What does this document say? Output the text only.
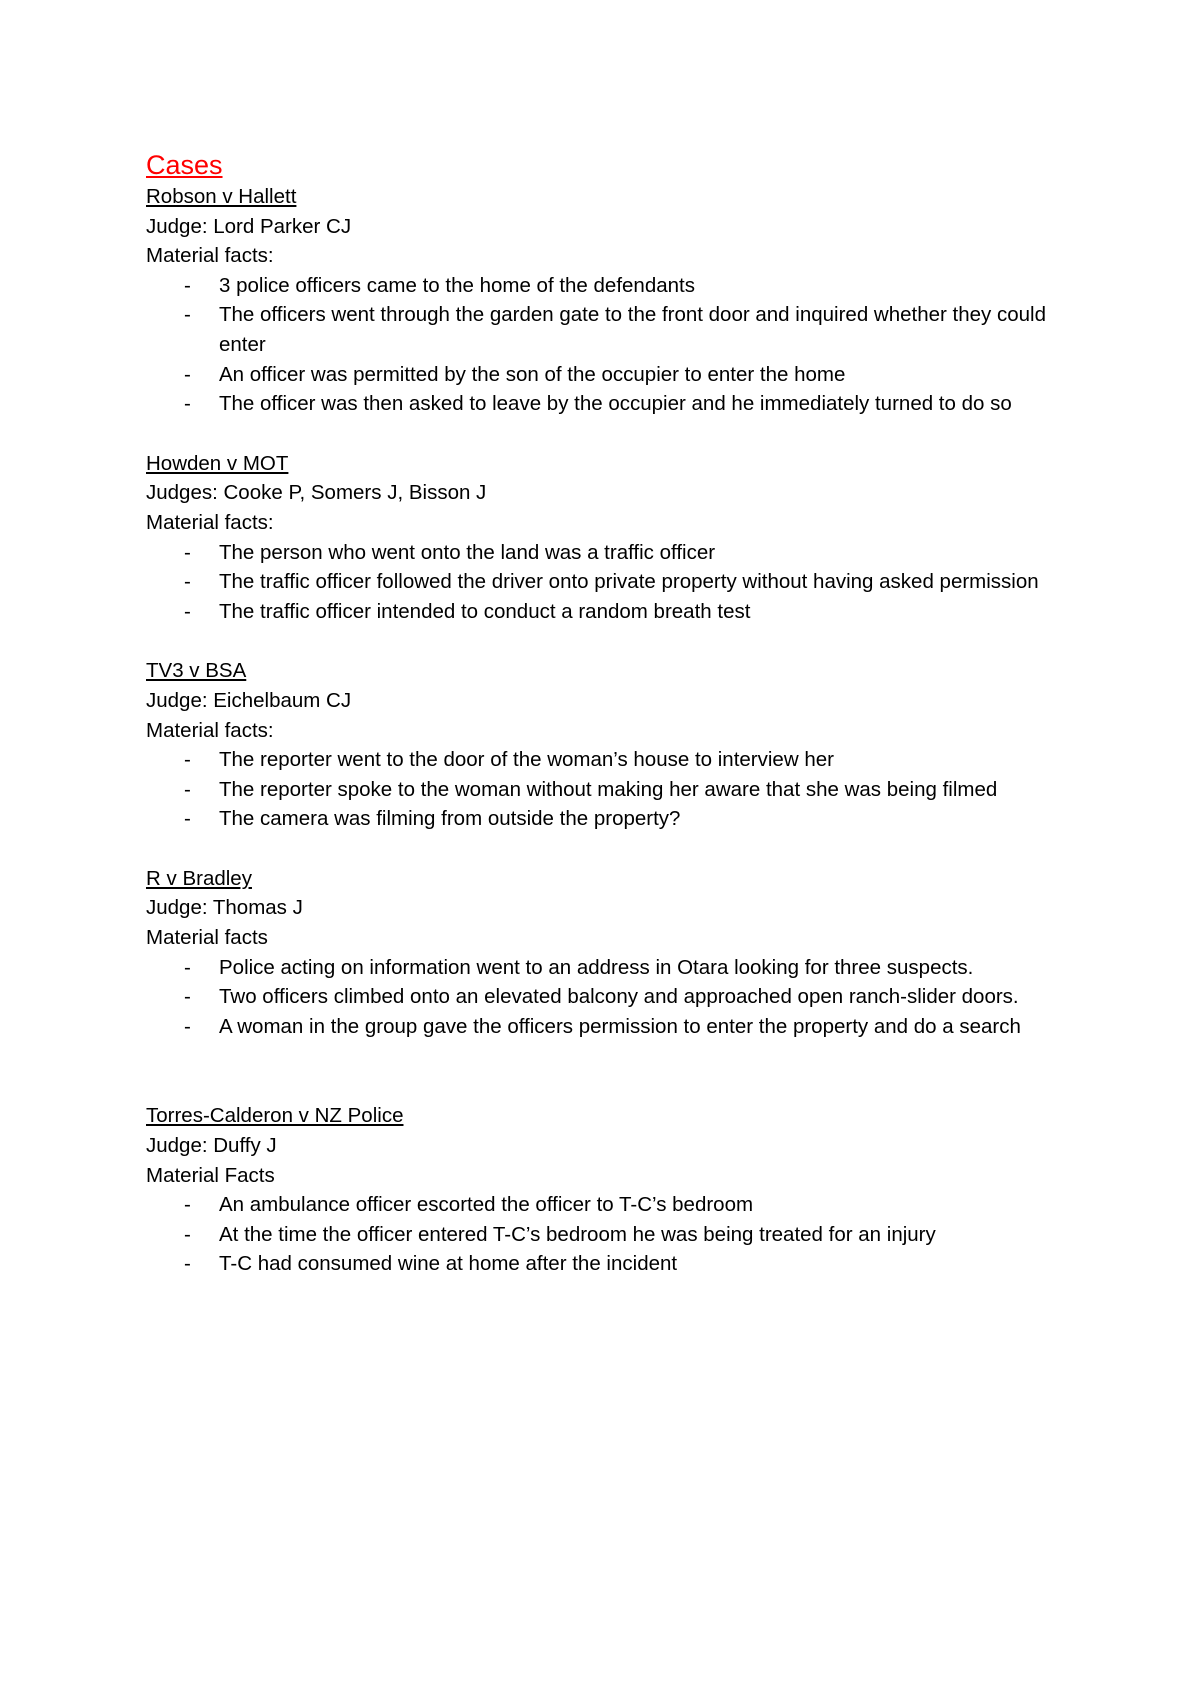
Cases
Robson v Hallett
Judge: Lord Parker CJ
Material facts:
- 3 police officers came to the home of the defendants
- The officers went through the garden gate to the front door and inquired whether they could enter
- An officer was permitted by the son of the occupier to enter the home
- The officer was then asked to leave by the occupier and he immediately turned to do so
Howden v MOT
Judges: Cooke P, Somers J, Bisson J
Material facts:
- The person who went onto the land was a traffic officer
- The traffic officer followed the driver onto private property without having asked permission
- The traffic officer intended to conduct a random breath test
TV3 v BSA
Judge: Eichelbaum CJ
Material facts:
- The reporter went to the door of the woman’s house to interview her
- The reporter spoke to the woman without making her aware that she was being filmed
- The camera was filming from outside the property?
R v Bradley
Judge: Thomas J
Material facts
- Police acting on information went to an address in Otara looking for three suspects.
- Two officers climbed onto an elevated balcony and approached open ranch-slider doors.
- A woman in the group gave the officers permission to enter the property and do a search
Torres-Calderon v NZ Police
Judge: Duffy J
Material Facts
- An ambulance officer escorted the officer to T-C’s bedroom
- At the time the officer entered T-C’s bedroom he was being treated for an injury
- T-C had consumed wine at home after the incident
